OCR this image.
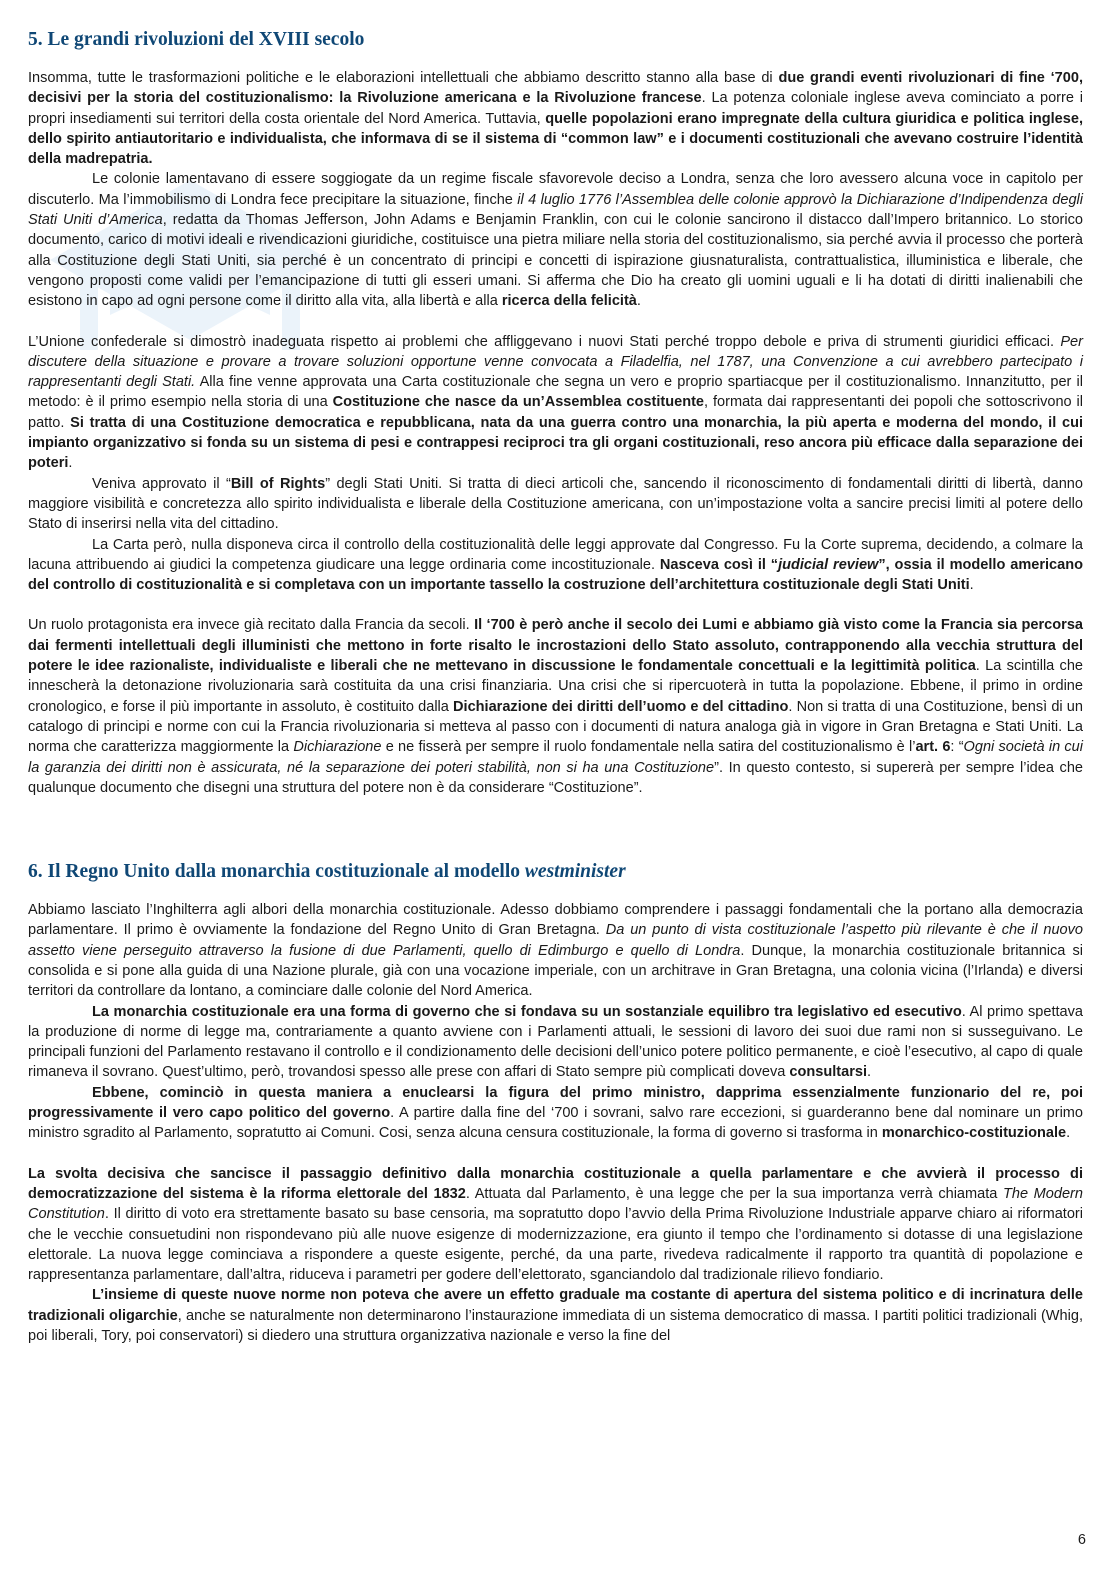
5. Le grandi rivoluzioni del XVIII secolo

Insomma, tutte le trasformazioni politiche e le elaborazioni intellettuali che abbiamo descritto stanno alla base di due grandi eventi rivoluzionari di fine ‘700, decisivi per la storia del costituzionalismo: la Rivoluzione americana e la Rivoluzione francese. La potenza coloniale inglese aveva cominciato a porre i propri insediamenti sui territori della costa orientale del Nord America. Tuttavia, quelle popolazioni erano impregnate della cultura giuridica e politica inglese, dello spirito antiautoritario e individualista, che informava di se il sistema di “common law” e i documenti costituzionali che avevano costruire l’identità della madrepatria.

Le colonie lamentavano di essere soggiogate da un regime fiscale sfavorevole deciso a Londra, senza che loro avessero alcuna voce in capitolo per discuterlo. Ma l’immobilismo di Londra fece precipitare la situazione, finche il 4 luglio 1776 l’Assemblea delle colonie approvò la Dichiarazione d’Indipendenza degli Stati Uniti d’America, redatta da Thomas Jefferson, John Adams e Benjamin Franklin, con cui le colonie sancirono il distacco dall’Impero britannico. Lo storico documento, carico di motivi ideali e rivendicazioni giuridiche, costituisce una pietra miliare nella storia del costituzionalismo, sia perché avvia il processo che porterà alla Costituzione degli Stati Uniti, sia perché è un concentrato di principi e concetti di ispirazione giusnaturalista, contrattualistica, illuministica e liberale, che vengono proposti come validi per l’emancipazione di tutti gli esseri umani. Si afferma che Dio ha creato gli uomini uguali e li ha dotati di diritti inalienabili che esistono in capo ad ogni persone come il diritto alla vita, alla libertà e alla ricerca della felicità.

L’Unione confederale si dimostrò inadeguata rispetto ai problemi che affliggevano i nuovi Stati perché troppo debole e priva di strumenti giuridici efficaci. Per discutere della situazione e provare a trovare soluzioni opportune venne convocata a Filadelfia, nel 1787, una Convenzione a cui avrebbero partecipato i rappresentanti degli Stati. Alla fine venne approvata una Carta costituzionale che segna un vero e proprio spartiacque per il costituzionalismo. Innanzitutto, per il metodo: è il primo esempio nella storia di una Costituzione che nasce da un’Assemblea costituente, formata dai rappresentanti dei popoli che sottoscrivono il patto. Si tratta di una Costituzione democratica e repubblicana, nata da una guerra contro una monarchia, la più aperta e moderna del mondo, il cui impianto organizzativo si fonda su un sistema di pesi e contrappesi reciproci tra gli organi costituzionali, reso ancora più efficace dalla separazione dei poteri.

Veniva approvato il “Bill of Rights” degli Stati Uniti. Si tratta di dieci articoli che, sancendo il riconoscimento di fondamentali diritti di libertà, danno maggiore visibilità e concretezza allo spirito individualista e liberale della Costituzione americana, con un’impostazione volta a sancire precisi limiti al potere dello Stato di inserirsi nella vita del cittadino.

La Carta però, nulla disponeva circa il controllo della costituzionalità delle leggi approvate dal Congresso. Fu la Corte suprema, decidendo, a colmare la lacuna attribuendo ai giudici la competenza giudicare una legge ordinaria come incostituzionale. Nasceva così il “judicial review”, ossia il modello americano del controllo di costituzionalità e si completava con un importante tassello la costruzione dell’architettura costituzionale degli Stati Uniti.

Un ruolo protagonista era invece già recitato dalla Francia da secoli. Il ‘700 è però anche il secolo dei Lumi e abbiamo già visto come la Francia sia percorsa dai fermenti intellettuali degli illuministi che mettono in forte risalto le incrostazioni dello Stato assoluto, contrapponendo alla vecchia struttura del potere le idee razionaliste, individualiste e liberali che ne mettevano in discussione le fondamentale concettuali e la legittimità politica. La scintilla che innescherà la detonazione rivoluzionaria sarà costituita da una crisi finanziaria. Una crisi che si ripercuoterà in tutta la popolazione. Ebbene, il primo in ordine cronologico, e forse il più importante in assoluto, è costituito dalla Dichiarazione dei diritti dell’uomo e del cittadino. Non si tratta di una Costituzione, bensì di un catalogo di principi e norme con cui la Francia rivoluzionaria si metteva al passo con i documenti di natura analoga già in vigore in Gran Bretagna e Stati Uniti. La norma che caratterizza maggiormente la Dichiarazione e ne fisserà per sempre il ruolo fondamentale nella satira del costituzionalismo è l’art. 6: “Ogni società in cui la garanzia dei diritti non è assicurata, né la separazione dei poteri stabilità, non si ha una Costituzione”. In questo contesto, si supererà per sempre l’idea che qualunque documento che disegni una struttura del potere non è da considerare “Costituzione”.

6. Il Regno Unito dalla monarchia costituzionale al modello westminister

Abbiamo lasciato l’Inghilterra agli albori della monarchia costituzionale. Adesso dobbiamo comprendere i passaggi fondamentali che la portano alla democrazia parlamentare. Il primo è ovviamente la fondazione del Regno Unito di Gran Bretagna. Da un punto di vista costituzionale l’aspetto più rilevante è che il nuovo assetto viene perseguito attraverso la fusione di due Parlamenti, quello di Edimburgo e quello di Londra. Dunque, la monarchia costituzionale britannica si consolida e si pone alla guida di una Nazione plurale, già con una vocazione imperiale, con un architrave in Gran Bretagna, una colonia vicina (l’Irlanda) e diversi territori da controllare da lontano, a cominciare dalle colonie del Nord America.

La monarchia costituzionale era una forma di governo che si fondava su un sostanziale equilibro tra legislativo ed esecutivo. Al primo spettava la produzione di norme di legge ma, contrariamente a quanto avviene con i Parlamenti attuali, le sessioni di lavoro dei suoi due rami non si susseguivano. Le principali funzioni del Parlamento restavano il controllo e il condizionamento delle decisioni dell’unico potere politico permanente, e cioè l’esecutivo, al capo di quale rimaneva il sovrano. Quest’ultimo, però, trovandosi spesso alle prese con affari di Stato sempre più complicati doveva consultarsi.

Ebbene, cominciò in questa maniera a enuclearsi la figura del primo ministro, dapprima essenzialmente funzionario del re, poi progressivamente il vero capo politico del governo. A partire dalla fine del ‘700 i sovrani, salvo rare eccezioni, si guarderanno bene dal nominare un primo ministro sgradito al Parlamento, sopratutto ai Comuni. Cosi, senza alcuna censura costituzionale, la forma di governo si trasforma in monarchico-costituzionale.

La svolta decisiva che sancisce il passaggio definitivo dalla monarchia costituzionale a quella parlamentare e che avvierà il processo di democratizzazione del sistema è la riforma elettorale del 1832. Attuata dal Parlamento, è una legge che per la sua importanza verrà chiamata The Modern Constitution. Il diritto di voto era strettamente basato su base censoria, ma sopratutto dopo l’avvio della Prima Rivoluzione Industriale apparve chiaro ai riformatori che le vecchie consuetudini non rispondevano più alle nuove esigenze di modernizzazione, era giunto il tempo che l’ordinamento si dotasse di una legislazione elettorale. La nuova legge cominciava a rispondere a queste esigente, perché, da una parte, rivedeva radicalmente il rapporto tra quantità di popolazione e rappresentanza parlamentare, dall’altra, riduceva i parametri per godere dell’elettorato, sganciandolo dal tradizionale rilievo fondiario.

L’insieme di queste nuove norme non poteva che avere un effetto graduale ma costante di apertura del sistema politico e di incrinatura delle tradizionali oligarchie, anche se naturalmente non determinarono l’instaurazione immediata di un sistema democratico di massa. I partiti politici tradizionali (Whig, poi liberali, Tory, poi conservatori) si diedero una struttura organizzativa nazionale e verso la fine del

6
